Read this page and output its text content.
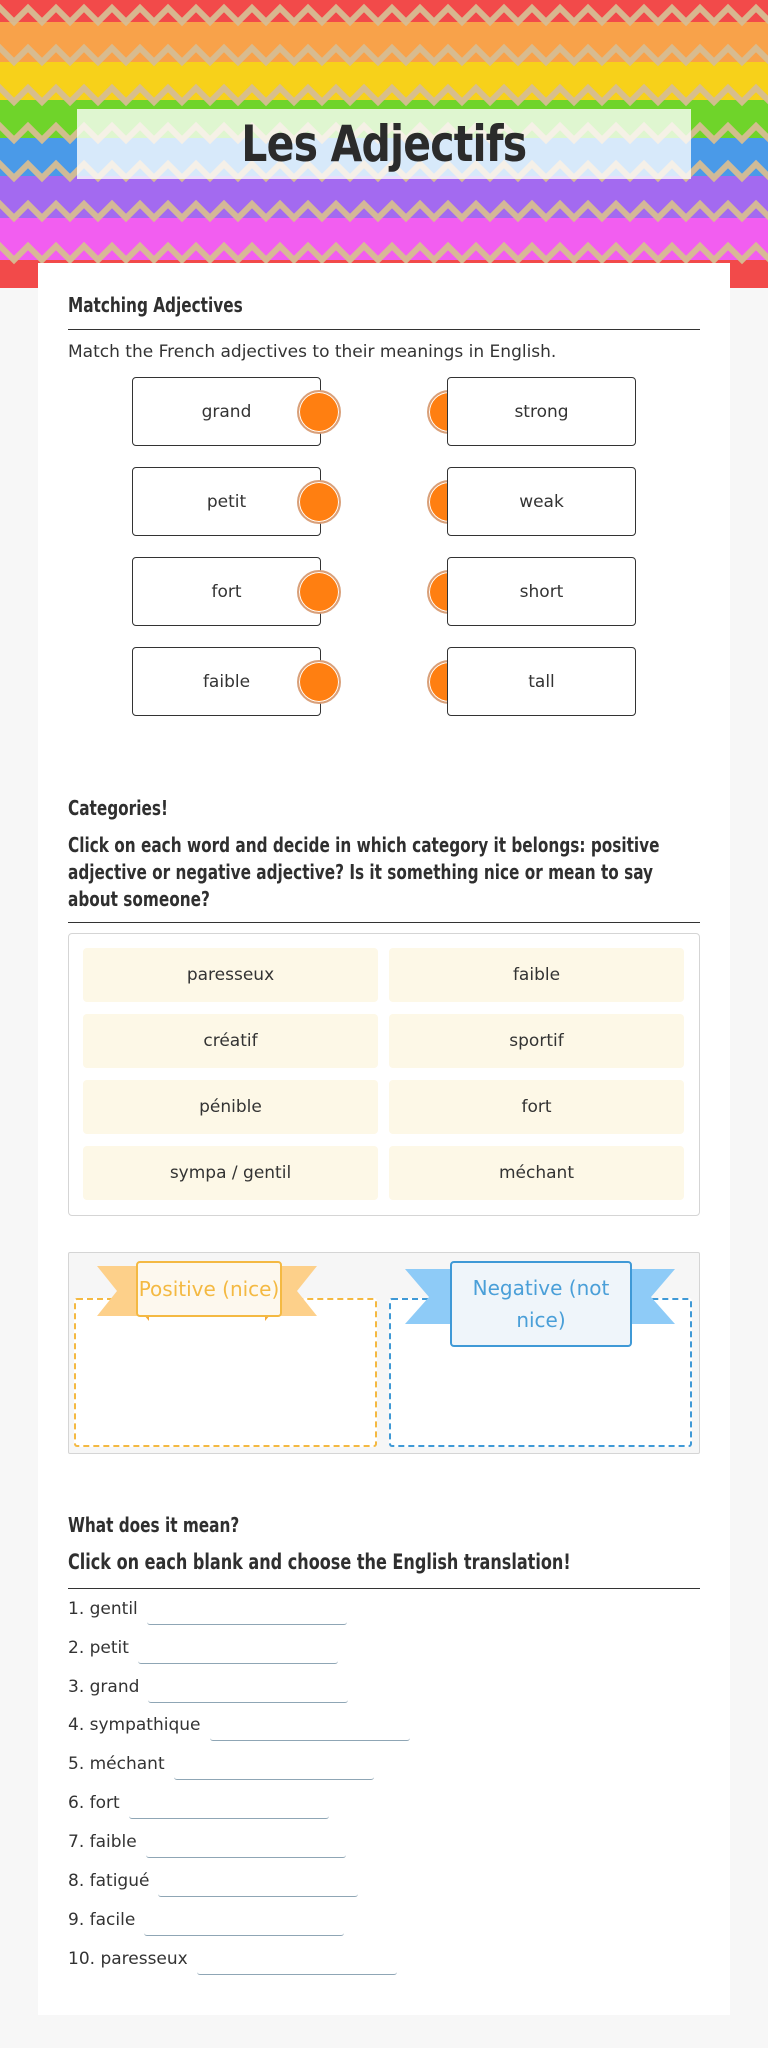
Les Adjectifs
Matching Adjectives
Match the French adjectives to their meanings in English.
grand	strong
petit	weak
fort	short
faible	tall
Categories!
Click on each word and decide in which category it belongs: positive adjective or negative adjective? Is it something nice or mean to say about someone?
paresseux	faible
créatif	sportif
pénible	fort
sympa / gentil	méchant
Positive (nice)	Negative (not nice)
What does it mean?
Click on each blank and choose the English translation!
1. gentil
2. petit
3. grand
4. sympathique
5. méchant
6. fort
7. faible
8. fatigué
9. facile
10. paresseux
